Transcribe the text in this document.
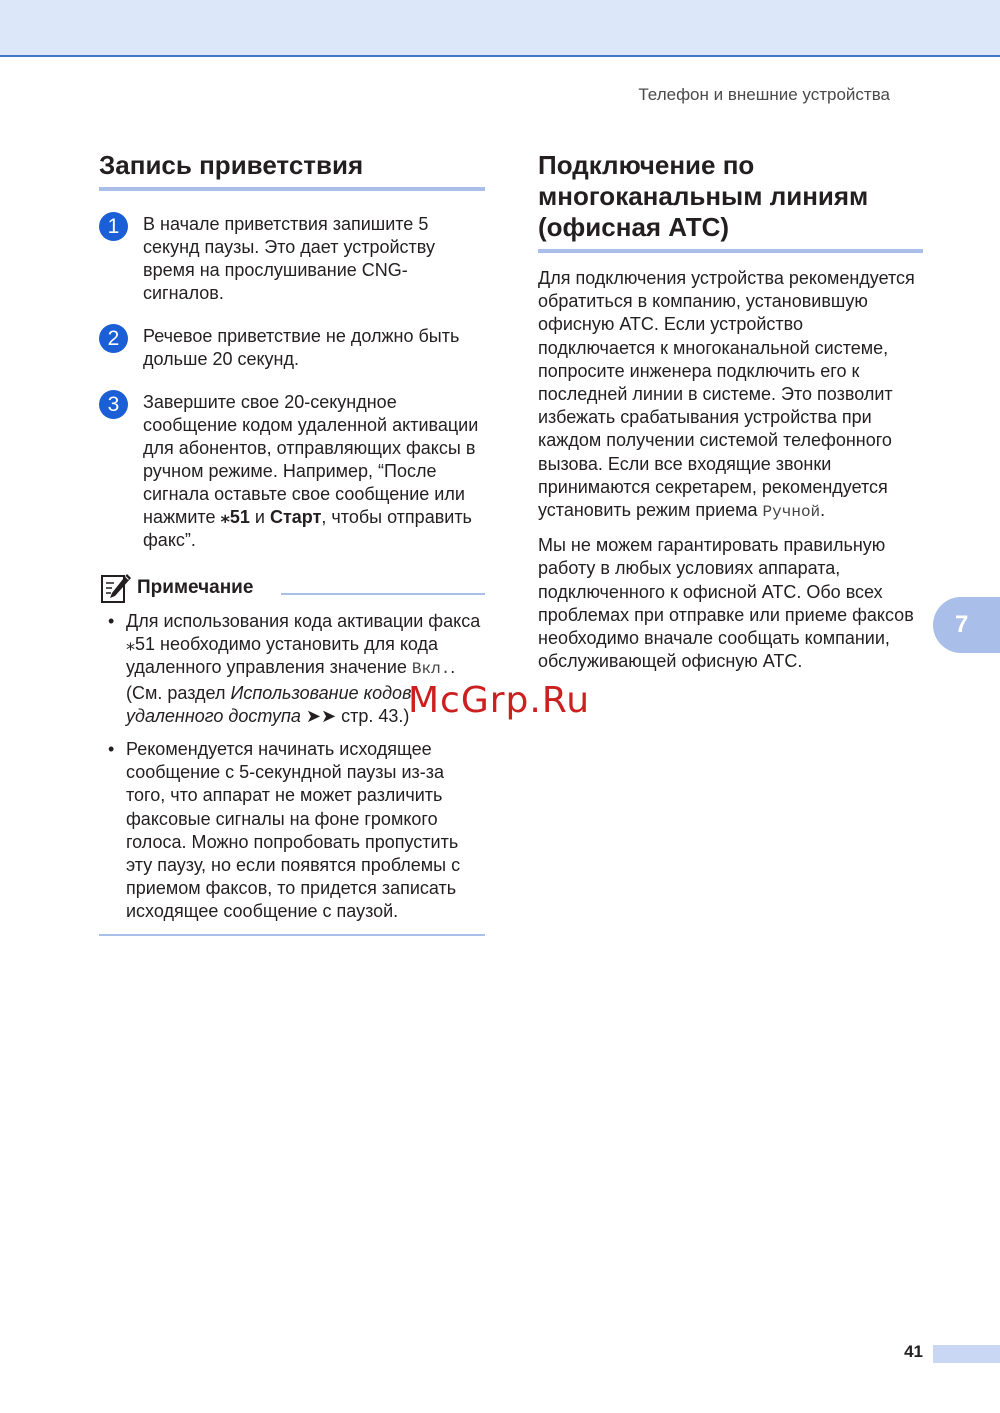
Телефон и внешние устройства
Запись приветствия
1	В начале приветствия запишите 5 секунд паузы. Это дает устройству время на прослушивание CNG-сигналов.
2	Речевое приветствие не должно быть дольше 20 секунд.
3	Завершите свое 20-секундное сообщение кодом удаленной активации для абонентов, отправляющих факсы в ручном режиме. Например, “После сигнала оставьте свое сообщение или нажмите ⁎51 и Старт, чтобы отправить факс”.
Примечание
• Для использования кода активации факса ⁎51 необходимо установить для кода удаленного управления значение Вкл.. (См. раздел Использование кодов удаленного доступа ➤➤ стр. 43.)
• Рекомендуется начинать исходящее сообщение с 5-секундной паузы из-за того, что аппарат не может различить факсовые сигналы на фоне громкого голоса. Можно попробовать пропустить эту паузу, но если появятся проблемы с приемом факсов, то придется записать исходящее сообщение с паузой.
Подключение по многоканальным линиям (офисная АТС)

Для подключения устройства рекомендуется обратиться в компанию, установившую офисную АТС. Если устройство подключается к многоканальной системе, попросите инженера подключить его к последней линии в системе. Это позволит избежать срабатывания устройства при каждом получении системой телефонного вызова. Если все входящие звонки принимаются секретарем, рекомендуется установить режим приема Ручной.

Мы не можем гарантировать правильную работу в любых условиях аппарата, подключенного к офисной АТС. Обо всех проблемах при отправке или приеме факсов необходимо вначале сообщать компании, обслуживающей офисную АТС.

7
McGrp.Ru
41
